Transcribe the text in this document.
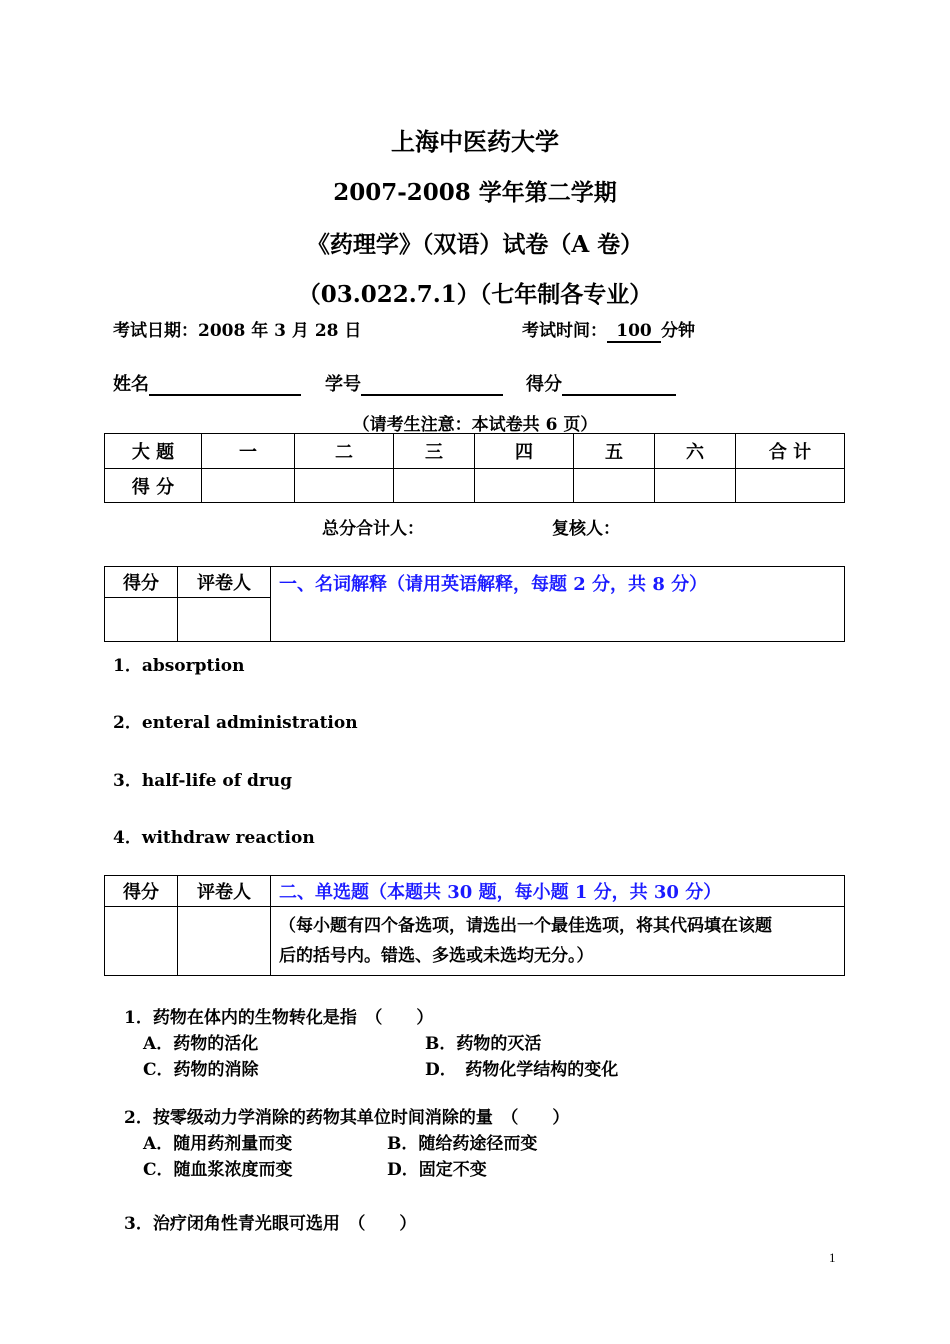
上海中医药大学
2007-2008 学年第二学期
《药理学》（双语）试卷（A 卷）
（03.022.7.1）（七年制各专业）
考试日期：2008 年 3 月 28 日	考试时间： 100 分钟
姓名	学号	得分
（请考生注意：本试卷共 6 页）
大 题	一	二	三	四	五	六	合 计
得 分							
总分合计人：	复核人：
得分	评卷人	一、名词解释（请用英语解释，每题 2 分，共 8 分）

1．absorption
2．enteral administration
3．half-life of drug
4．withdraw reaction
得分	评卷人	二、单选题（本题共 30 题，每小题 1 分，共 30 分）

		（每小题有四个备选项，请选出一个最佳选项，将其代码填在该题
后的括号内。错选、多选或未选均无分。）
1．药物在体内的生物转化是指　（　　）
A．药物的活化	B．药物的灭活
C．药物的消除	D．　药物化学结构的变化
2．按零级动力学消除的药物其单位时间消除的量　（　　）
A．随用药剂量而变	B．随给药途径而变
C．随血浆浓度而变	D．固定不变
3．治疗闭角性青光眼可选用　（　　）
1
